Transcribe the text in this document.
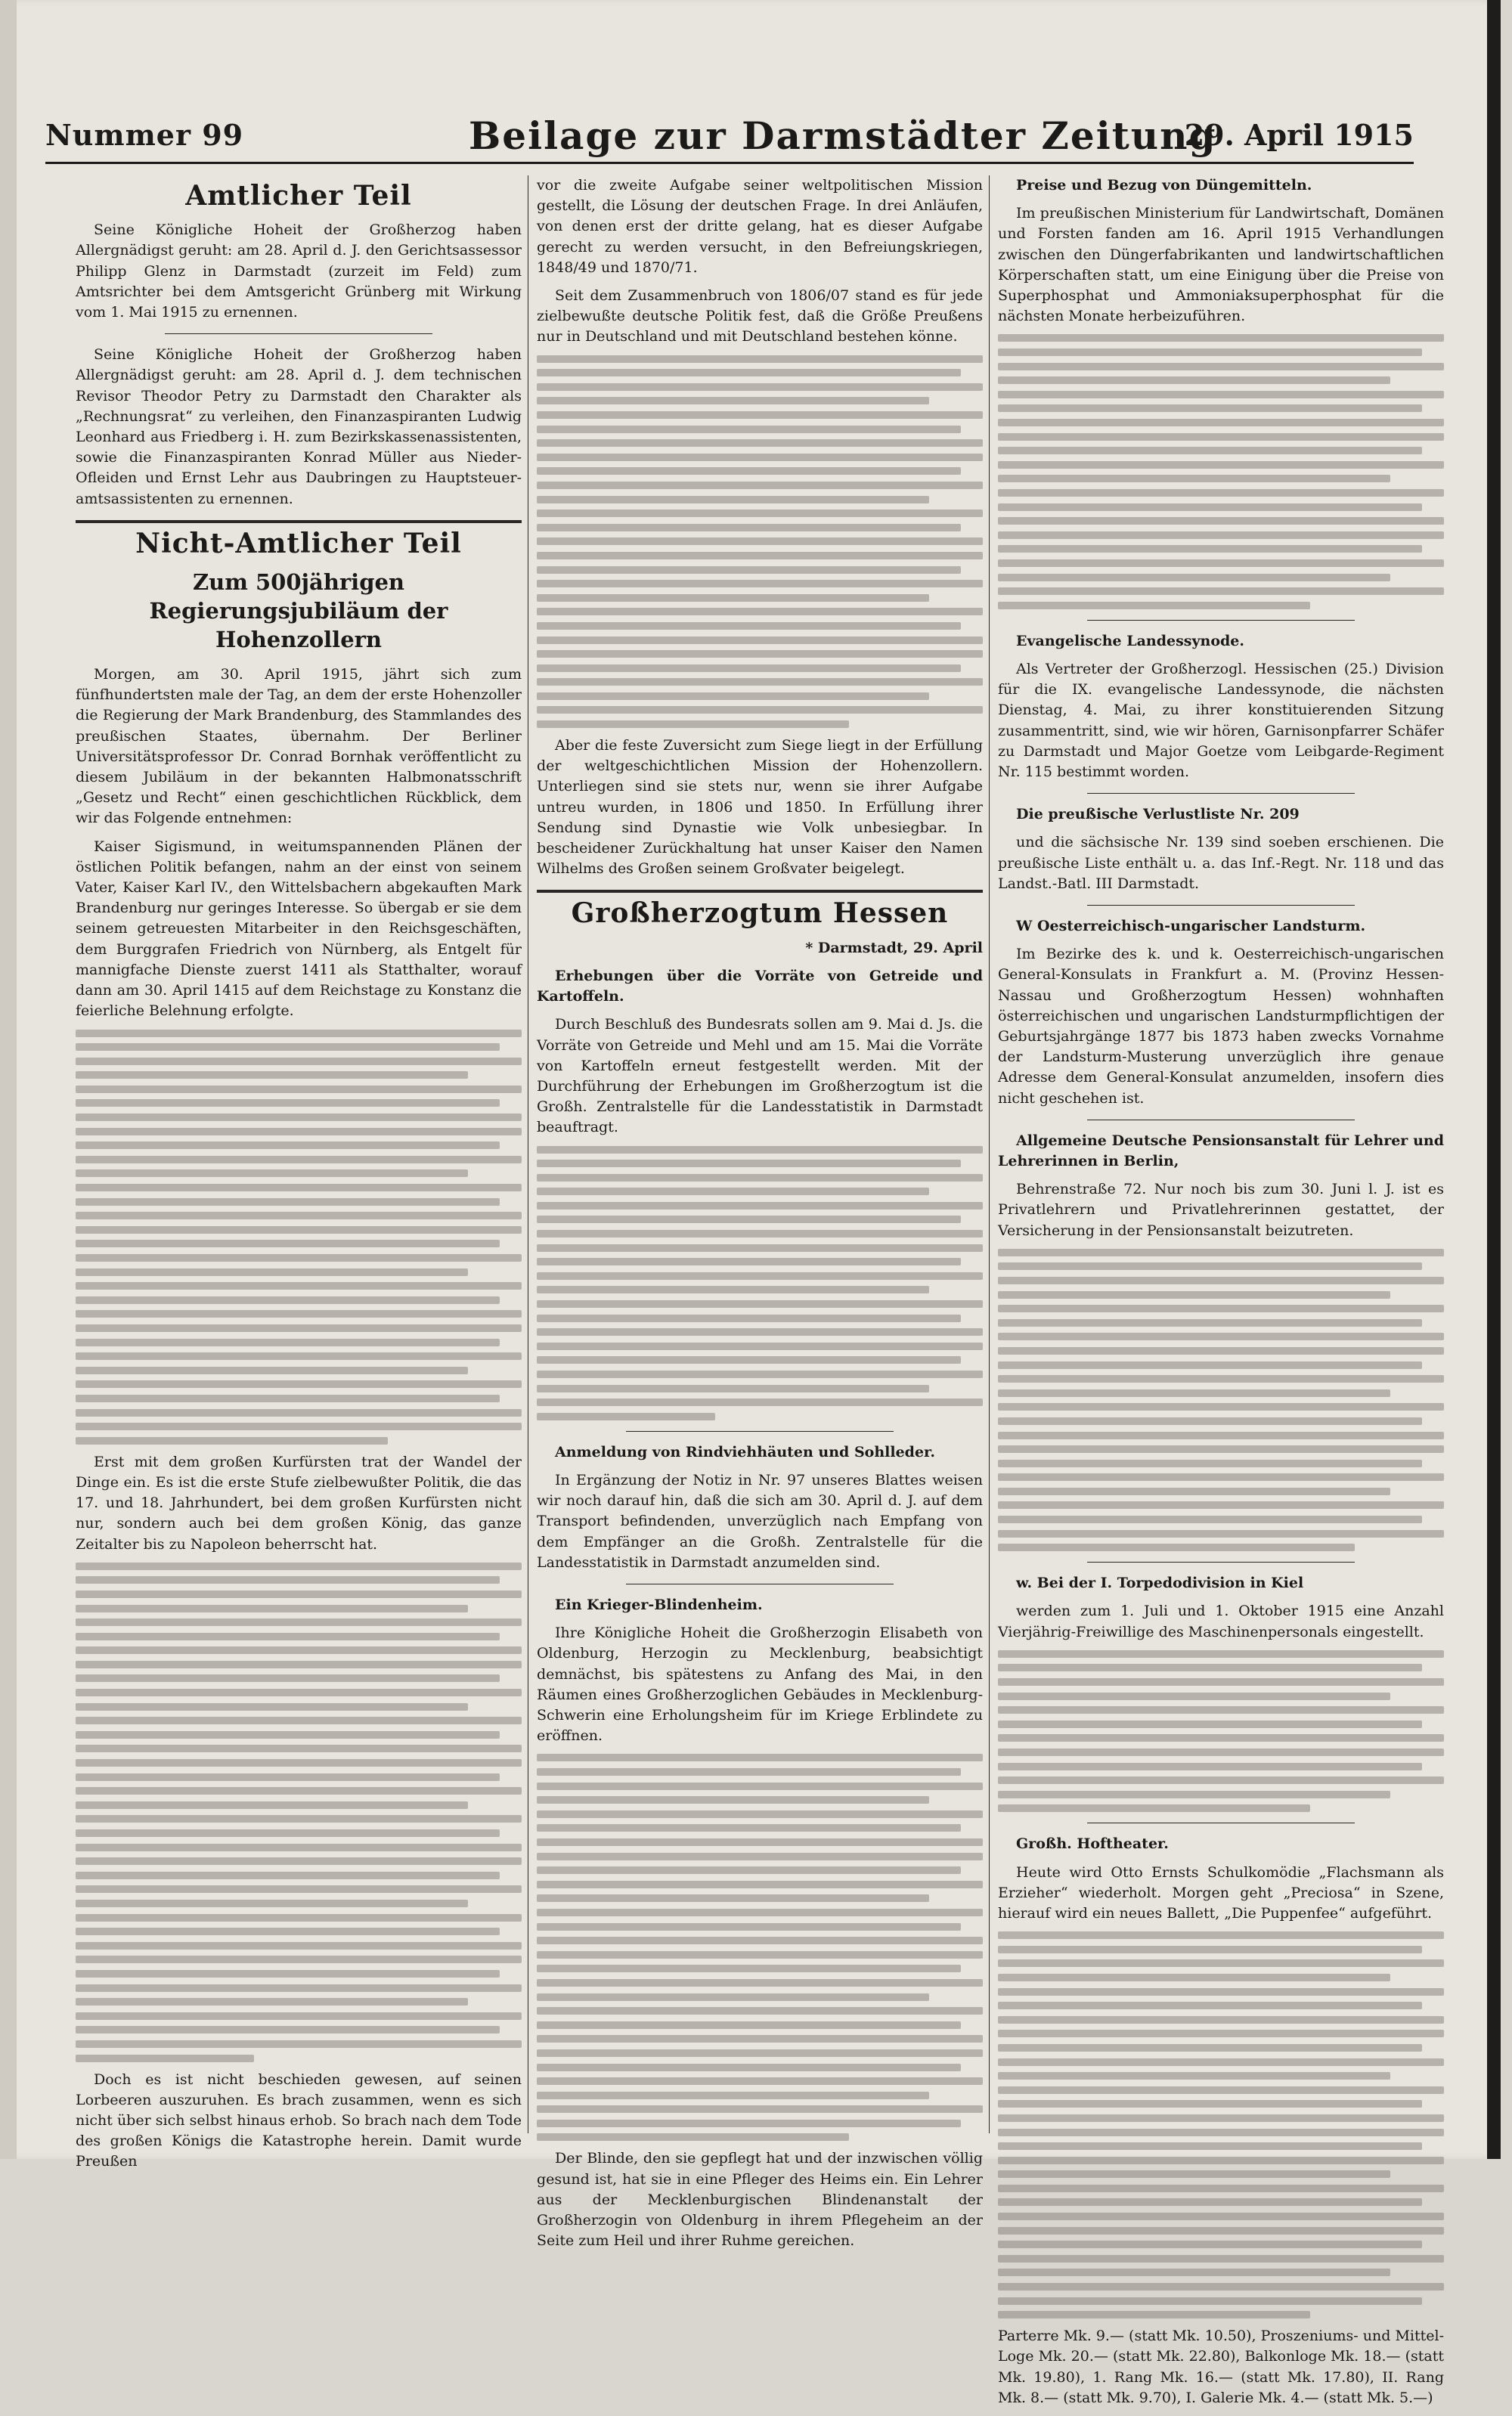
Nummer 99	Beilage zur Darmstädter Zeitung
29. April 1915
Amtlicher Teil

Seine Königliche Hoheit der Großherzog haben Allergnädigst geruht: am 28. April d. J. den Gerichtsassessor Philipp Glenz in Darmstadt (zurzeit im Feld) zum Amtsrichter bei dem Amtsgericht Grünberg mit Wirkung vom 1. Mai 1915 zu ernennen.

Seine Königliche Hoheit der Großherzog haben Allergnädigst geruht: am 28. April d. J. dem technischen Revisor Theodor Petry zu Darmstadt den Charakter als „Rechnungsrat“ zu verleihen, den Finanzaspiranten Ludwig Leonhard aus Friedberg i. H. zum Bezirkskassenassistenten, sowie die Finanzaspiranten Konrad Müller aus Nieder-Ofleiden und Ernst Lehr aus Daubringen zu Hauptsteuer-amtsassistenten zu ernennen.

Nicht-Amtlicher Teil
Zum 500jährigen Regierungsjubiläum der Hohenzollern

Morgen, am 30. April 1915, jährt sich zum fünfhundertsten male der Tag, an dem der erste Hohenzoller die Regierung der Mark Brandenburg, des Stammlandes des preußischen Staates, übernahm. Der Berliner Universitätsprofessor Dr. Conrad Bornhak veröffentlicht zu diesem Jubiläum in der bekannten Halbmonatsschrift „Gesetz und Recht“ einen geschichtlichen Rückblick, dem wir das Folgende entnehmen:

Kaiser Sigismund, in weitumspannenden Plänen der östlichen Politik befangen, nahm an der einst von seinem Vater, Kaiser Karl IV., den Wittelsbachern abgekauften Mark Brandenburg nur geringes Interesse. So übergab er sie dem seinem getreuesten Mitarbeiter in den Reichsgeschäften, dem Burggrafen Friedrich von Nürnberg, als Entgelt für mannigfache Dienste zuerst 1411 als Statthalter, worauf dann am 30. April 1415 auf dem Reichstage zu Konstanz die feierliche Belehnung erfolgte.

Erst mit dem großen Kurfürsten trat der Wandel der Dinge ein. Es ist die erste Stufe zielbewußter Politik, die das 17. und 18. Jahrhundert, bei dem großen Kurfürsten nicht nur, sondern auch bei dem großen König, das ganze Zeitalter bis zu Napoleon beherrscht hat.

Doch es ist nicht beschieden gewesen, auf seinen Lorbeeren auszuruhen. Es brach zusammen, wenn es sich nicht über sich selbst hinaus erhob. So brach nach dem Tode des großen Königs die Katastrophe herein. Damit wurde Preußen

vor die zweite Aufgabe seiner weltpolitischen Mission gestellt, die Lösung der deutschen Frage. In drei Anläufen, von denen erst der dritte gelang, hat es dieser Aufgabe gerecht zu werden versucht, in den Befreiungskriegen, 1848/49 und 1870/71.

Seit dem Zusammenbruch von 1806/07 stand es für jede zielbewußte deutsche Politik fest, daß die Größe Preußens nur in Deutschland und mit Deutschland bestehen könne.

Aber die feste Zuversicht zum Siege liegt in der Erfüllung der weltgeschichtlichen Mission der Hohenzollern. Unterliegen sind sie stets nur, wenn sie ihrer Aufgabe untreu wurden, in 1806 und 1850. In Erfüllung ihrer Sendung sind Dynastie wie Volk unbesiegbar. In bescheidener Zurückhaltung hat unser Kaiser den Namen Wilhelms des Großen seinem Großvater beigelegt.

Großherzogtum Hessen
* Darmstadt, 29. April

Erhebungen über die Vorräte von Getreide und Kartoffeln.

Durch Beschluß des Bundesrats sollen am 9. Mai d. Js. die Vorräte von Getreide und Mehl und am 15. Mai die Vorräte von Kartoffeln erneut festgestellt werden. Mit der Durchführung der Erhebungen im Großherzogtum ist die Großh. Zentralstelle für die Landesstatistik in Darmstadt beauftragt.

Anmeldung von Rindviehhäuten und Sohlleder.

In Ergänzung der Notiz in Nr. 97 unseres Blattes weisen wir noch darauf hin, daß die sich am 30. April d. J. auf dem Transport befindenden, unverzüglich nach Empfang von dem Empfänger an die Großh. Zentralstelle für die Landesstatistik in Darmstadt anzumelden sind.

Ein Krieger-Blindenheim.

Ihre Königliche Hoheit die Großherzogin Elisabeth von Oldenburg, Herzogin zu Mecklenburg, beabsichtigt demnächst, bis spätestens zu Anfang des Mai, in den Räumen eines Großherzoglichen Gebäudes in Mecklenburg-Schwerin eine Erholungsheim für im Kriege Erblindete zu eröffnen.

Der Blinde, den sie gepflegt hat und der inzwischen völlig gesund ist, hat sie in eine Pfleger des Heims ein. Ein Lehrer aus der Mecklenburgischen Blindenanstalt der Großherzogin von Oldenburg in ihrem Pflegeheim an der Seite zum Heil und ihrer Ruhme gereichen.

Preise und Bezug von Düngemitteln.

Im preußischen Ministerium für Landwirtschaft, Domänen und Forsten fanden am 16. April 1915 Verhandlungen zwischen den Düngerfabrikanten und landwirtschaftlichen Körperschaften statt, um eine Einigung über die Preise von Superphosphat und Ammoniaksuperphosphat für die nächsten Monate herbeizuführen.

Evangelische Landessynode.

Als Vertreter der Großherzogl. Hessischen (25.) Division für die IX. evangelische Landessynode, die nächsten Dienstag, 4. Mai, zu ihrer konstituierenden Sitzung zusammentritt, sind, wie wir hören, Garnisonpfarrer Schäfer zu Darmstadt und Major Goetze vom Leibgarde-Regiment Nr. 115 bestimmt worden.

Die preußische Verlustliste Nr. 209

und die sächsische Nr. 139 sind soeben erschienen. Die preußische Liste enthält u. a. das Inf.-Regt. Nr. 118 und das Landst.-Batl. III Darmstadt.

W Oesterreichisch-ungarischer Landsturm.

Im Bezirke des k. und k. Oesterreichisch-ungarischen General-Konsulats in Frankfurt a. M. (Provinz Hessen-Nassau und Großherzogtum Hessen) wohnhaften österreichischen und ungarischen Landsturmpflichtigen der Geburtsjahrgänge 1877 bis 1873 haben zwecks Vornahme der Landsturm-Musterung unverzüglich ihre genaue Adresse dem General-Konsulat anzumelden, insofern dies nicht geschehen ist.

Allgemeine Deutsche Pensionsanstalt für Lehrer und Lehrerinnen in Berlin,

Behrenstraße 72. Nur noch bis zum 30. Juni l. J. ist es Privatlehrern und Privatlehrerinnen gestattet, der Versicherung in der Pensionsanstalt beizutreten.

w. Bei der I. Torpedodivision in Kiel

werden zum 1. Juli und 1. Oktober 1915 eine Anzahl Vierjährig-Freiwillige des Maschinenpersonals eingestellt.

Großh. Hoftheater.

Heute wird Otto Ernsts Schulkomödie „Flachsmann als Erzieher“ wiederholt. Morgen geht „Preciosa“ in Szene, hierauf wird ein neues Ballett, „Die Puppenfee“ aufgeführt.

Parterre Mk. 9.— (statt Mk. 10.50), Proszeniums- und Mittel-Loge Mk. 20.— (statt Mk. 22.80), Balkonloge Mk. 18.— (statt Mk. 19.80), 1. Rang Mk. 16.— (statt Mk. 17.80), II. Rang Mk. 8.— (statt Mk. 9.70), I. Galerie Mk. 4.— (statt Mk. 5.—)
